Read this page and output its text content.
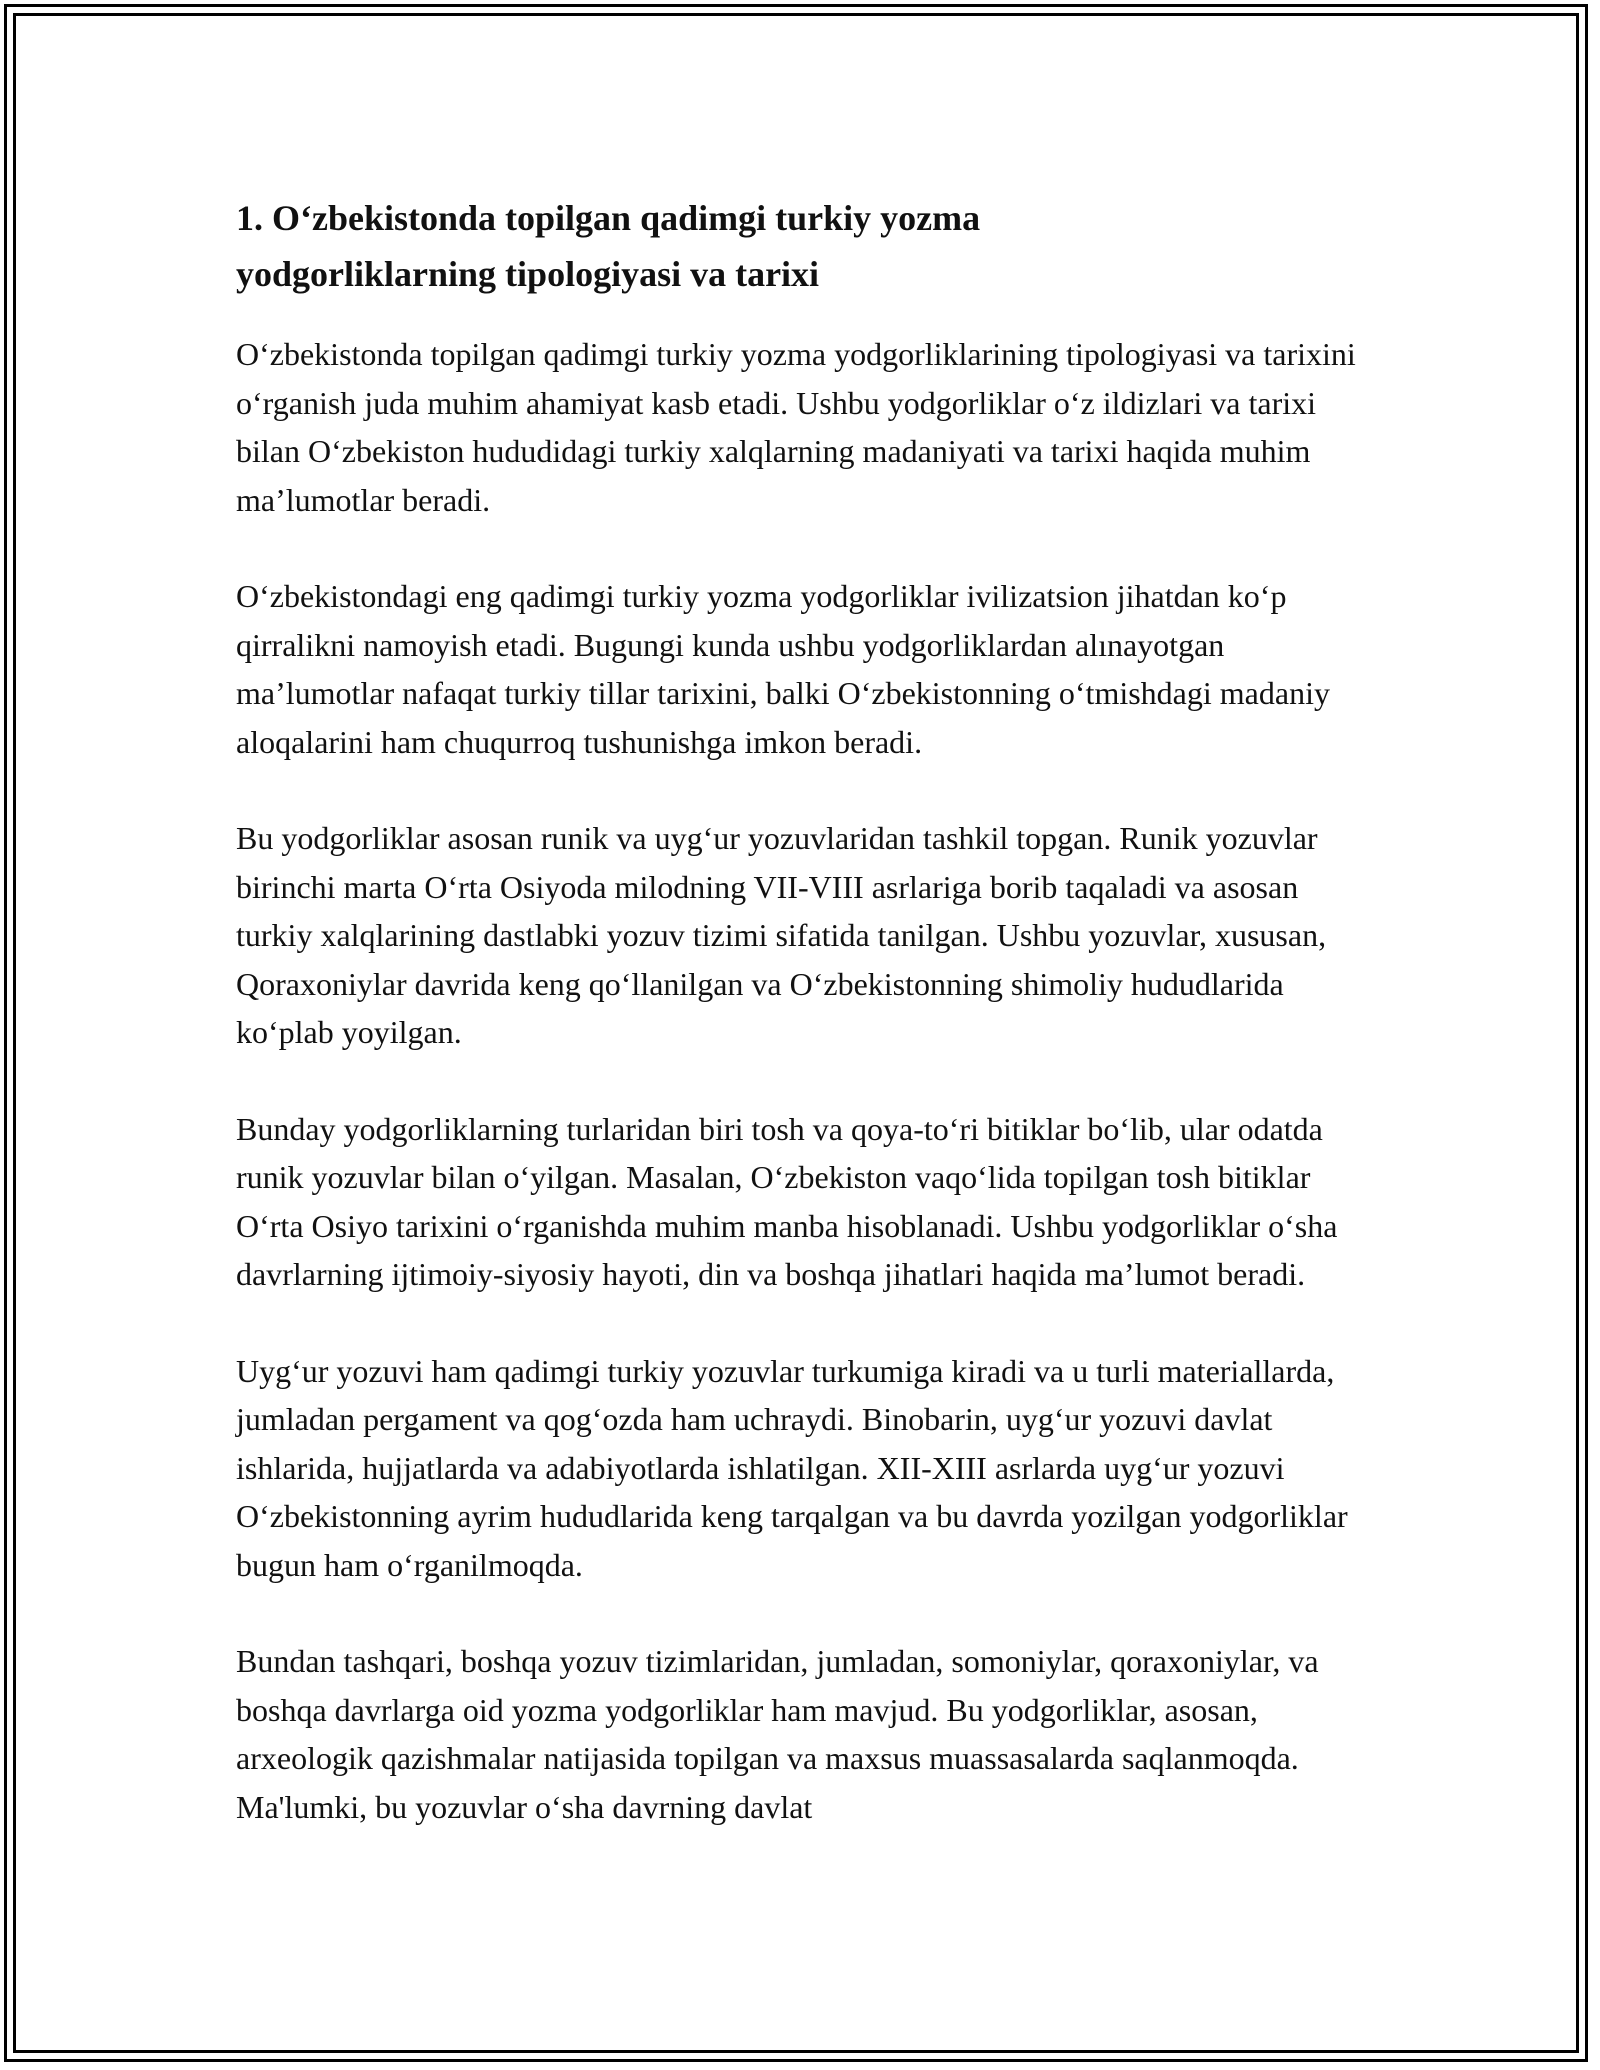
1. O‘zbekistonda topilgan qadimgi turkiy yozma yodgorliklarning tipologiyasi va tarixi

O‘zbekistonda topilgan qadimgi turkiy yozma yodgorliklarining tipologiyasi va tarixini o‘rganish juda muhim ahamiyat kasb etadi. Ushbu yodgorliklar o‘z ildizlari va tarixi bilan O‘zbekiston hududidagi turkiy xalqlarning madaniyati va tarixi haqida muhim ma’lumotlar beradi.

O‘zbekistondagi eng qadimgi turkiy yozma yodgorliklar ivilizatsion jihatdan ko‘p qirralikni namoyish etadi. Bugungi kunda ushbu yodgorliklardan alınayotgan ma’lumotlar nafaqat turkiy tillar tarixini, balki O‘zbekistonning o‘tmishdagi madaniy aloqalarini ham chuqurroq tushunishga imkon beradi.

Bu yodgorliklar asosan runik va uyg‘ur yozuvlaridan tashkil topgan. Runik yozuvlar birinchi marta O‘rta Osiyoda milodning VII-VIII asrlariga borib taqaladi va asosan turkiy xalqlarining dastlabki yozuv tizimi sifatida tanilgan. Ushbu yozuvlar, xususan, Qoraxoniylar davrida keng qo‘llanilgan va O‘zbekistonning shimoliy hududlarida ko‘plab yoyilgan.

Bunday yodgorliklarning turlaridan biri tosh va qoya-to‘ri bitiklar bo‘lib, ular odatda runik yozuvlar bilan o‘yilgan. Masalan, O‘zbekiston vaqo‘lida topilgan tosh bitiklar O‘rta Osiyo tarixini o‘rganishda muhim manba hisoblanadi. Ushbu yodgorliklar o‘sha davrlarning ijtimoiy-siyosiy hayoti, din va boshqa jihatlari haqida ma’lumot beradi.

Uyg‘ur yozuvi ham qadimgi turkiy yozuvlar turkumiga kiradi va u turli materiallarda, jumladan pergament va qog‘ozda ham uchraydi. Binobarin, uyg‘ur yozuvi davlat ishlarida, hujjatlarda va adabiyotlarda ishlatilgan. XII-XIII asrlarda uyg‘ur yozuvi O‘zbekistonning ayrim hududlarida keng tarqalgan va bu davrda yozilgan yodgorliklar bugun ham o‘rganilmoqda.

Bundan tashqari, boshqa yozuv tizimlaridan, jumladan, somoniylar, qoraxoniylar, va boshqa davrlarga oid yozma yodgorliklar ham mavjud. Bu yodgorliklar, asosan, arxeologik qazishmalar natijasida topilgan va maxsus muassasalarda saqlanmoqda. Ma'lumki, bu yozuvlar o‘sha davrning davlat
